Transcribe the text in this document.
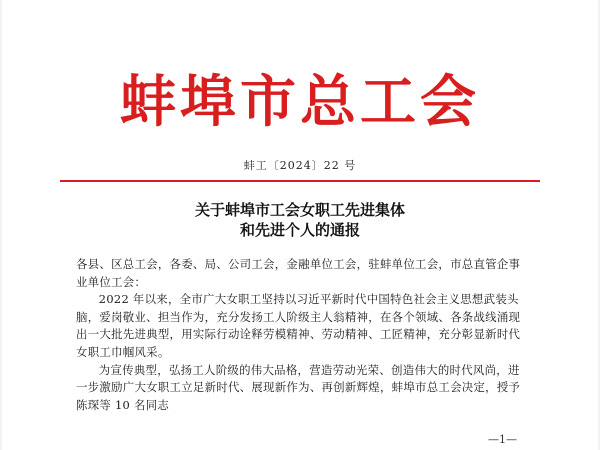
蚌埠市总工会
蚌工〔2024〕22 号
关于蚌埠市工会女职工先进集体
和先进个人的通报

各县、区总工会，各委、局、公司工会，金融单位工会，驻蚌单位工会，市总直管企事业单位工会：

2022 年以来，全市广大女职工坚持以习近平新时代中国特色社会主义思想武装头脑，爱岗敬业、担当作为，充分发扬工人阶级主人翁精神，在各个领域、各条战线涌现出一大批先进典型，用实际行动诠释劳模精神、劳动精神、工匠精神，充分彰显新时代女职工巾帼风采。

为宣传典型，弘扬工人阶级的伟大品格，营造劳动光荣、创造伟大的时代风尚，进一步激励广大女职工立足新时代、展现新作为、再创新辉煌，蚌埠市总工会决定，授予陈琛等 10 名同志

—1—
